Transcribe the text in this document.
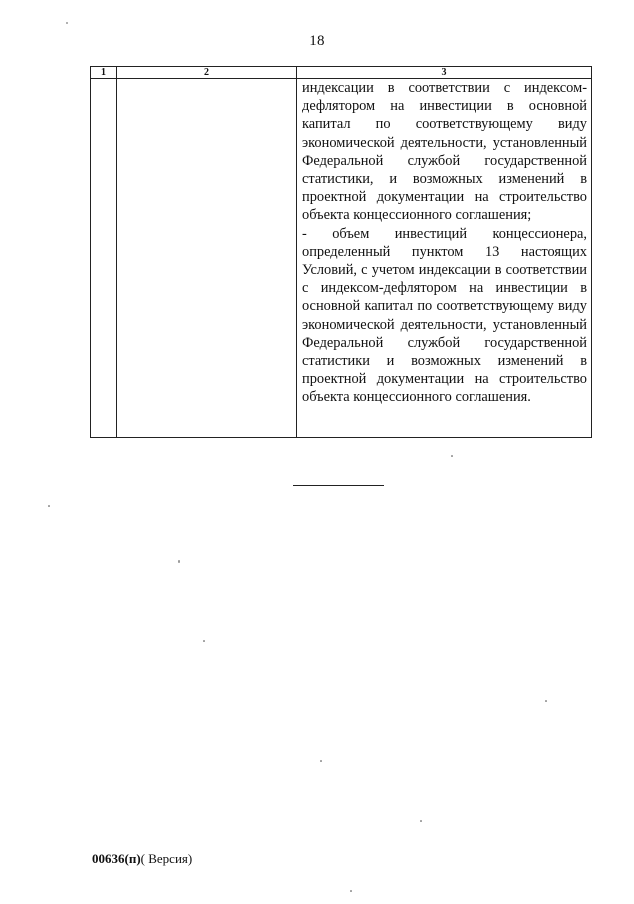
18
1	2	3

		индексации в соответствии с индексом-дефлятором на инвестиции в основной капитал по соответствующему виду экономической деятельности, установленный Федеральной службой государственной статистики, и возможных изменений в проектной документации на строительство объекта концессионного соглашения;

- объем инвестиций концессионера, определенный пунктом 13 настоящих Условий, с учетом индексации в соответствии с индексом-дефлятором на инвестиции в основной капитал по соответствующему виду экономической деятельности, установленный Федеральной службой государственной статистики и возможных изменений в проектной документации на строительство объекта концессионного соглашения.

00636(п)( Версия)
